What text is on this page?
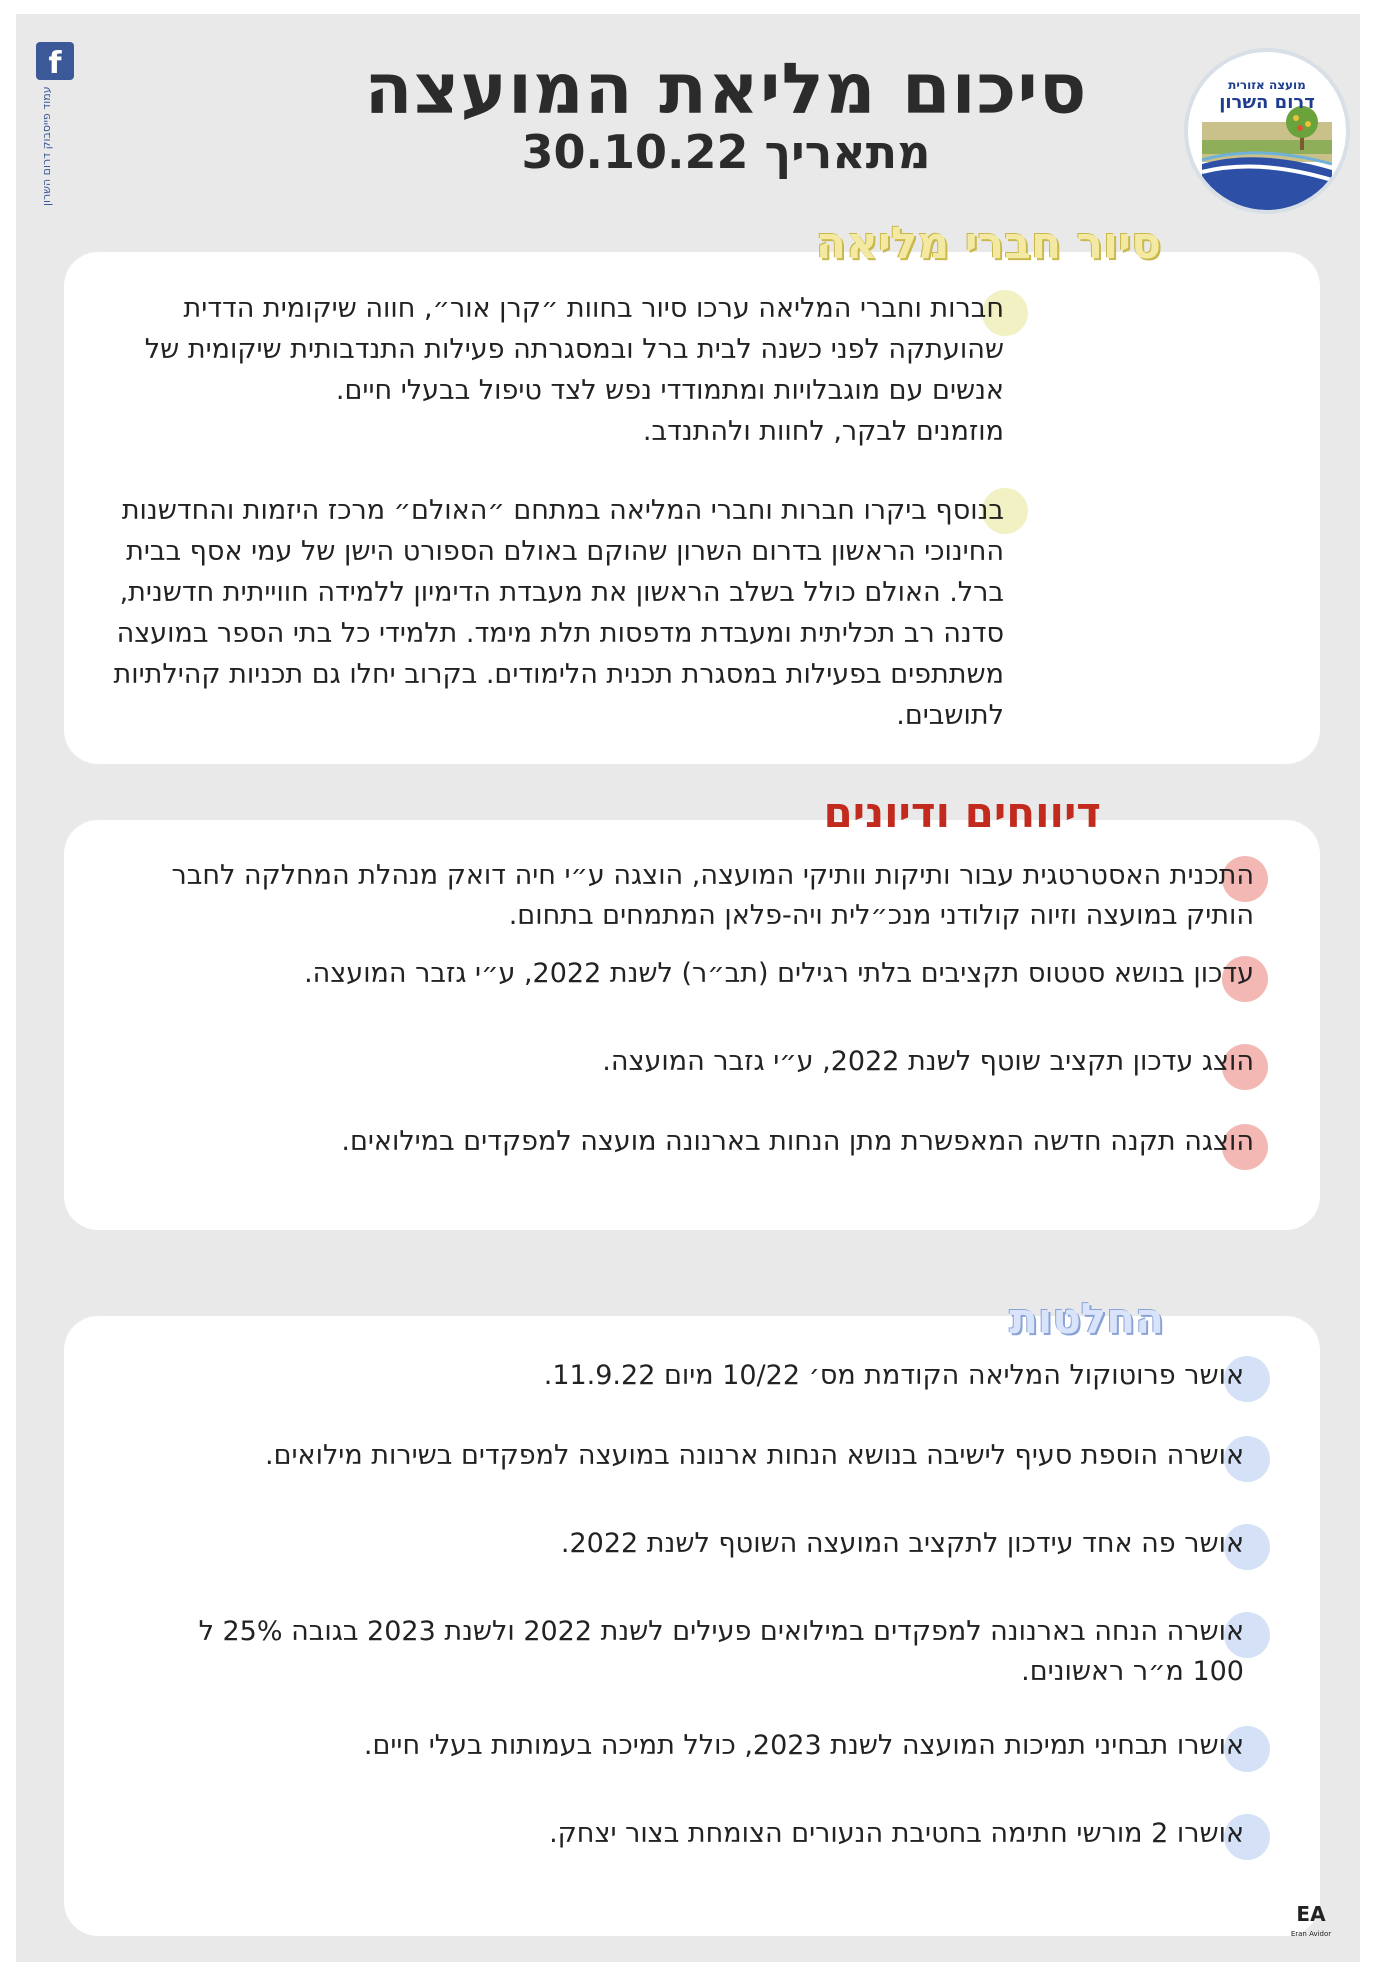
f
עמוד פייסבוק דרום השרון	סיכום מליאת המועצה
מתאריך 30.10.22
מועצה אזורית
דרום השרון
חברות וחברי המליאה ערכו סיור בחוות ״קרן אור״, חווה שיקומית הדדית שהועתקה לפני כשנה לבית ברל ובמסגרתה פעילות התנדבותית שיקומית של אנשים עם מוגבלויות ומתמודדי נפש לצד טיפול בבעלי חיים.
מוזמנים לבקר, לחוות ולהתנדב.
בנוסף ביקרו חברות וחברי המליאה במתחם ״האולם״ מרכז היזמות והחדשנות החינוכי הראשון בדרום השרון שהוקם באולם הספורט הישן של עמי אסף בבית ברל. האולם כולל בשלב הראשון את מעבדת הדימיון ללמידה חווייתית חדשנית, סדנה רב תכליתית ומעבדת מדפסות תלת מימד. תלמידי כל בתי הספר במועצה משתתפים בפעילות במסגרת תכנית הלימודים. בקרוב יחלו גם תכניות קהילתיות לתושבים.
סיור חברי מליאה
התכנית האסטרטגית עבור ותיקות וותיקי המועצה, הוצגה ע״י חיה דואק מנהלת המחלקה לחבר הותיק במועצה וזיוה קולודני מנכ״לית ויה-פלאן המתמחים בתחום.
עדכון בנושא סטטוס תקציבים בלתי רגילים (תב״ר) לשנת 2022, ע״י גזבר המועצה.
הוצג עדכון תקציב שוטף לשנת 2022, ע״י גזבר המועצה.
הוצגה תקנה חדשה המאפשרת מתן הנחות בארנונה מועצה למפקדים במילואים.
דיווחים ודיונים
אושר פרוטוקול המליאה הקודמת מס׳ 10/22 מיום 11.9.22.
אושרה הוספת סעיף לישיבה בנושא הנחות ארנונה במועצה למפקדים בשירות מילואים.
אושר פה אחד עידכון לתקציב המועצה השוטף לשנת 2022.
אושרה הנחה בארנונה למפקדים במילואים פעילים לשנת 2022 ולשנת 2023 בגובה 25% ל 100 מ״ר ראשונים.
אושרו תבחיני תמיכות המועצה לשנת 2023, כולל תמיכה בעמותות בעלי חיים.
אושרו 2 מורשי חתימה בחטיבת הנעורים הצומחת בצור יצחק.
החלטות
EA
Eran Avidor
